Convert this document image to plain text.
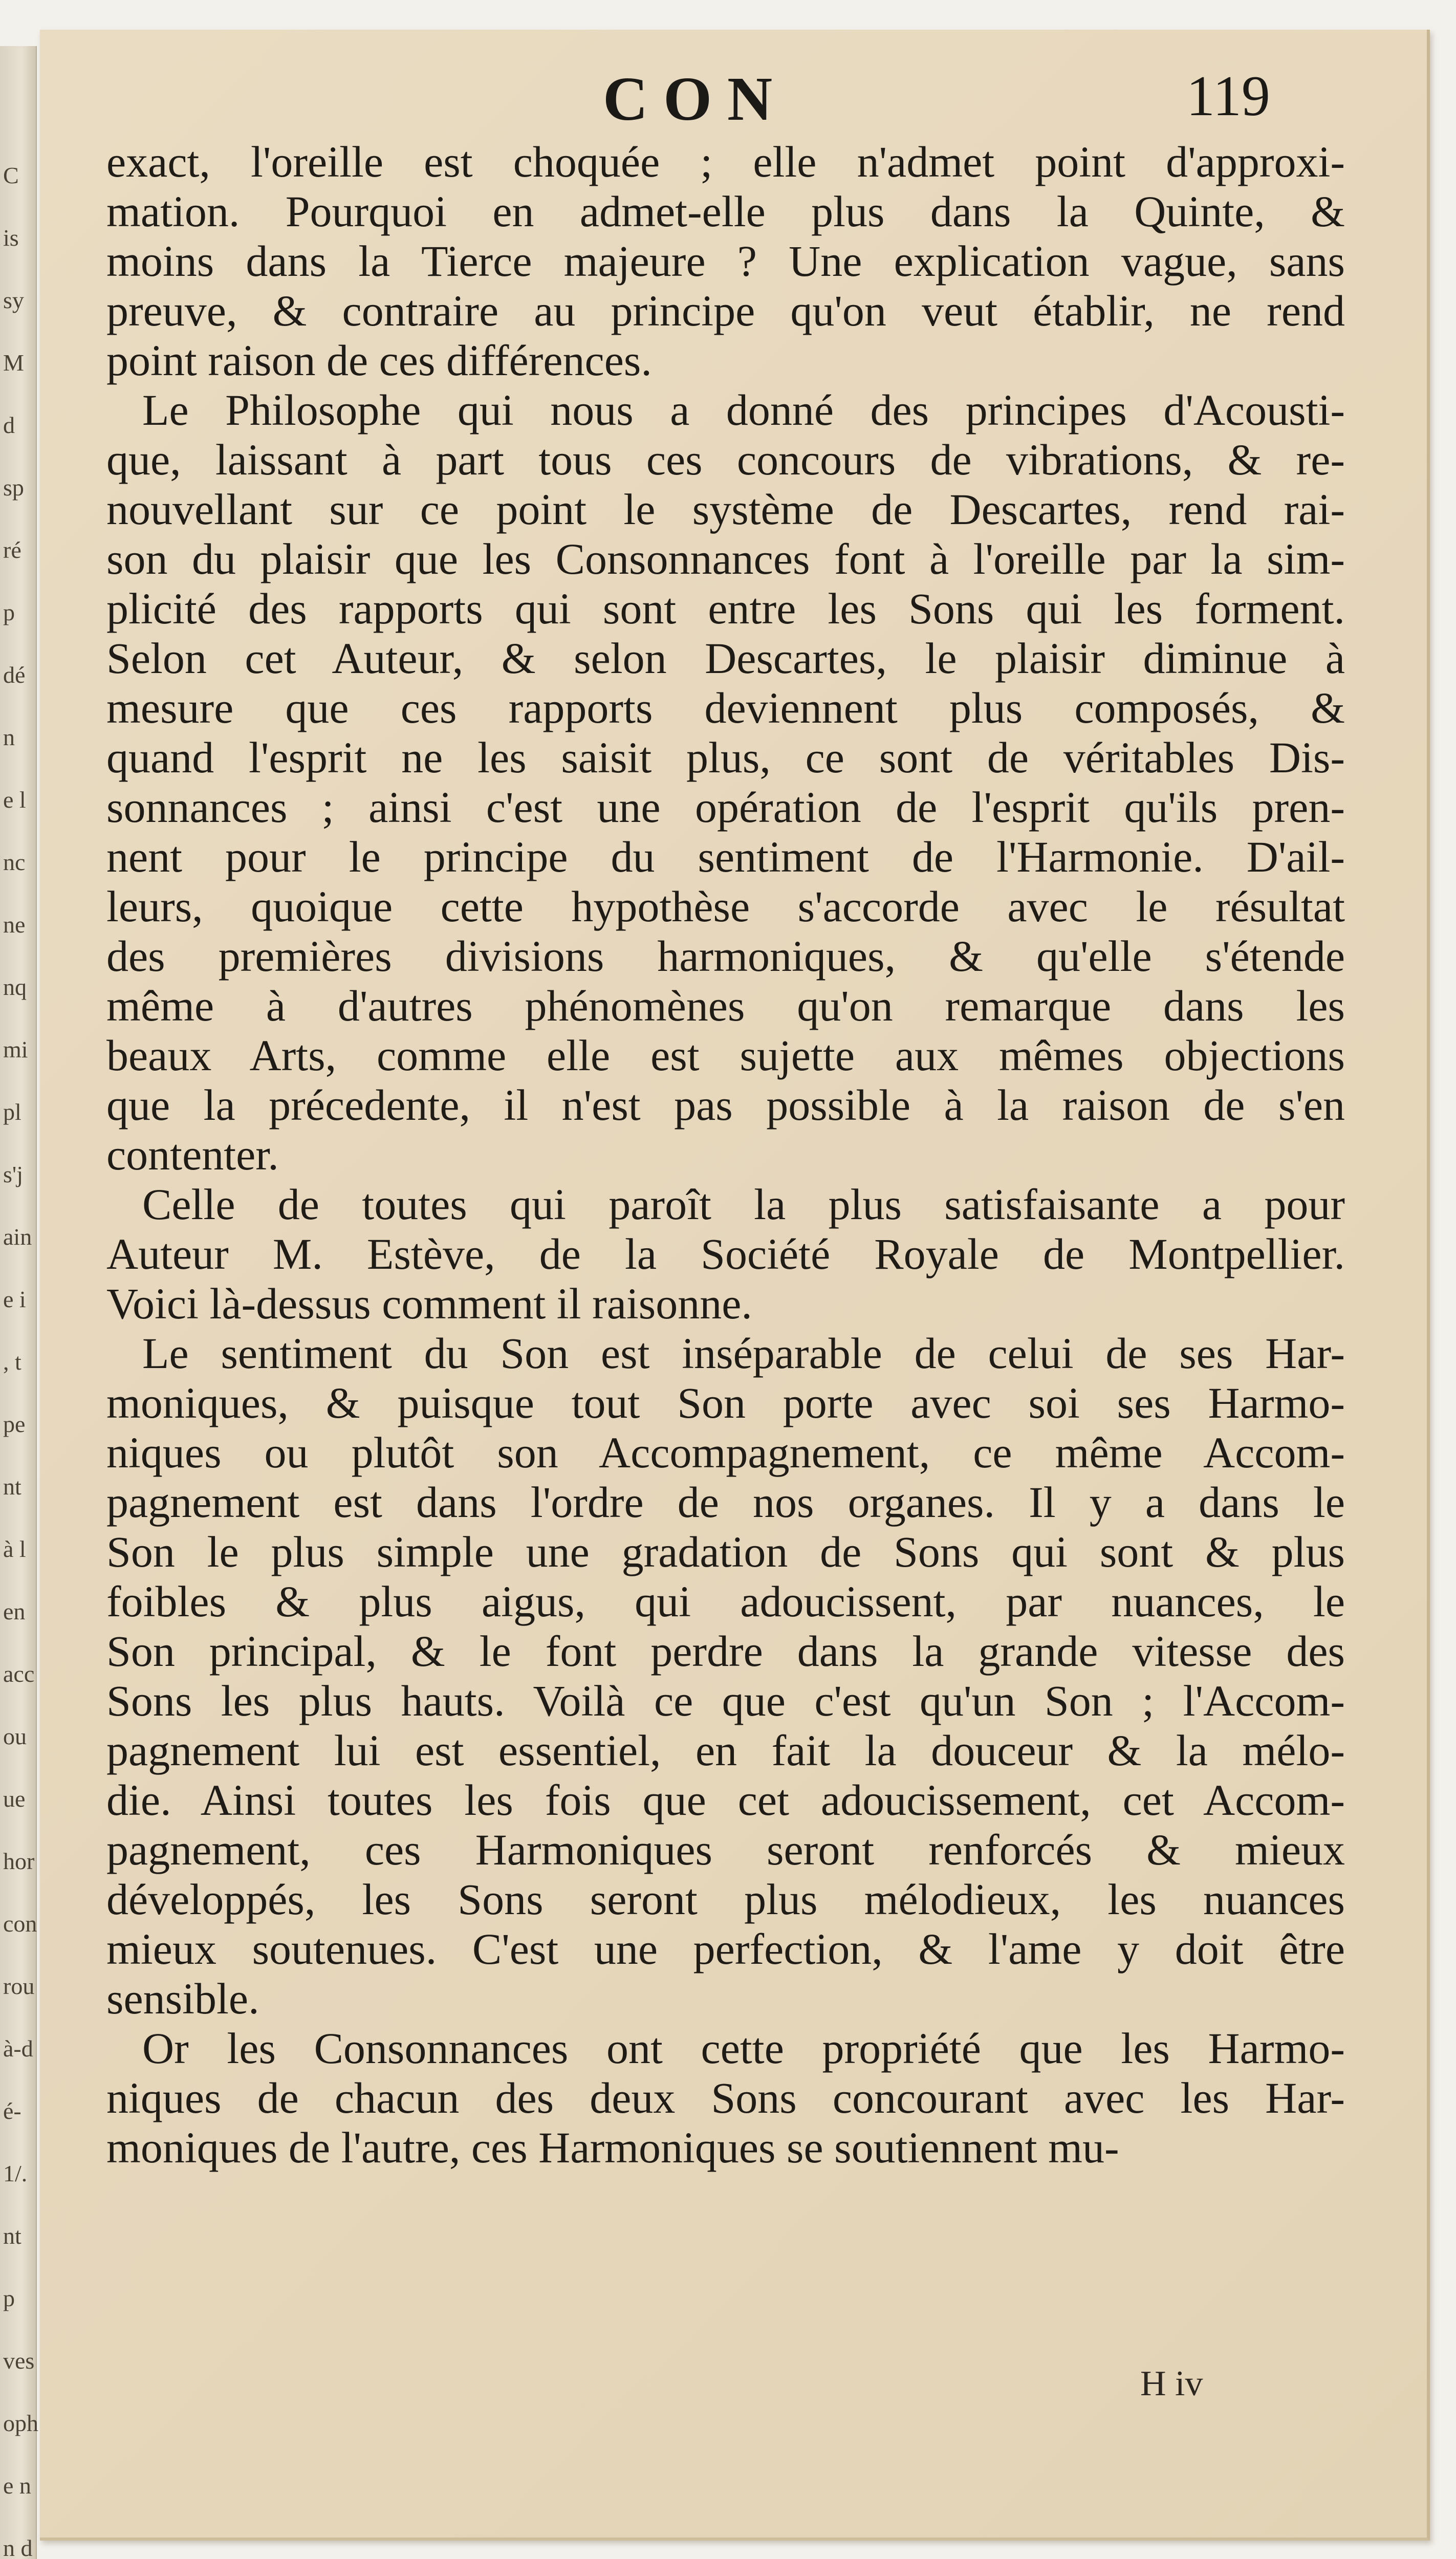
C
is
sy
M
d
sp
ré
p
dé
n
e l
nc
ne
nq
mi
pl
s'j
ain
e i
, t
pe
nt
à l
en
acc
ou
ue
hor
con
rou
à-d
é-
1/.
nt
p
ves
oph
e n
n d
CON	119
exact, l'oreille est choquée ; elle n'admet point d'approxi-
mation. Pourquoi en admet-elle plus dans la Quinte, &
moins dans la Tierce majeure ? Une explication vague, sans
preuve, & contraire au principe qu'on veut établir, ne rend
point raison de ces différences.
Le Philosophe qui nous a donné des principes d'Acousti-
que, laissant à part tous ces concours de vibrations, & re-
nouvellant sur ce point le système de Descartes, rend rai-
son du plaisir que les Consonnances font à l'oreille par la sim-
plicité des rapports qui sont entre les Sons qui les forment.
Selon cet Auteur, & selon Descartes, le plaisir diminue à
mesure que ces rapports deviennent plus composés, &
quand l'esprit ne les saisit plus, ce sont de véritables Dis-
sonnances ; ainsi c'est une opération de l'esprit qu'ils pren-
nent pour le principe du sentiment de l'Harmonie. D'ail-
leurs, quoique cette hypothèse s'accorde avec le résultat
des premières divisions harmoniques, & qu'elle s'étende
même à d'autres phénomènes qu'on remarque dans les
beaux Arts, comme elle est sujette aux mêmes objections
que la précedente, il n'est pas possible à la raison de s'en
contenter.
Celle de toutes qui paroît la plus satisfaisante a pour
Auteur M. Estève, de la Société Royale de Montpellier.
Voici là-dessus comment il raisonne.
Le sentiment du Son est inséparable de celui de ses Har-
moniques, & puisque tout Son porte avec soi ses Harmo-
niques ou plutôt son Accompagnement, ce même Accom-
pagnement est dans l'ordre de nos organes. Il y a dans le
Son le plus simple une gradation de Sons qui sont & plus
foibles & plus aigus, qui adoucissent, par nuances, le
Son principal, & le font perdre dans la grande vitesse des
Sons les plus hauts. Voilà ce que c'est qu'un Son ; l'Accom-
pagnement lui est essentiel, en fait la douceur & la mélo-
die. Ainsi toutes les fois que cet adoucissement, cet Accom-
pagnement, ces Harmoniques seront renforcés & mieux
développés, les Sons seront plus mélodieux, les nuances
mieux soutenues. C'est une perfection, & l'ame y doit être
sensible.
Or les Consonnances ont cette propriété que les Harmo-
niques de chacun des deux Sons concourant avec les Har-
moniques de l'autre, ces Harmoniques se soutiennent mu-
H iv
